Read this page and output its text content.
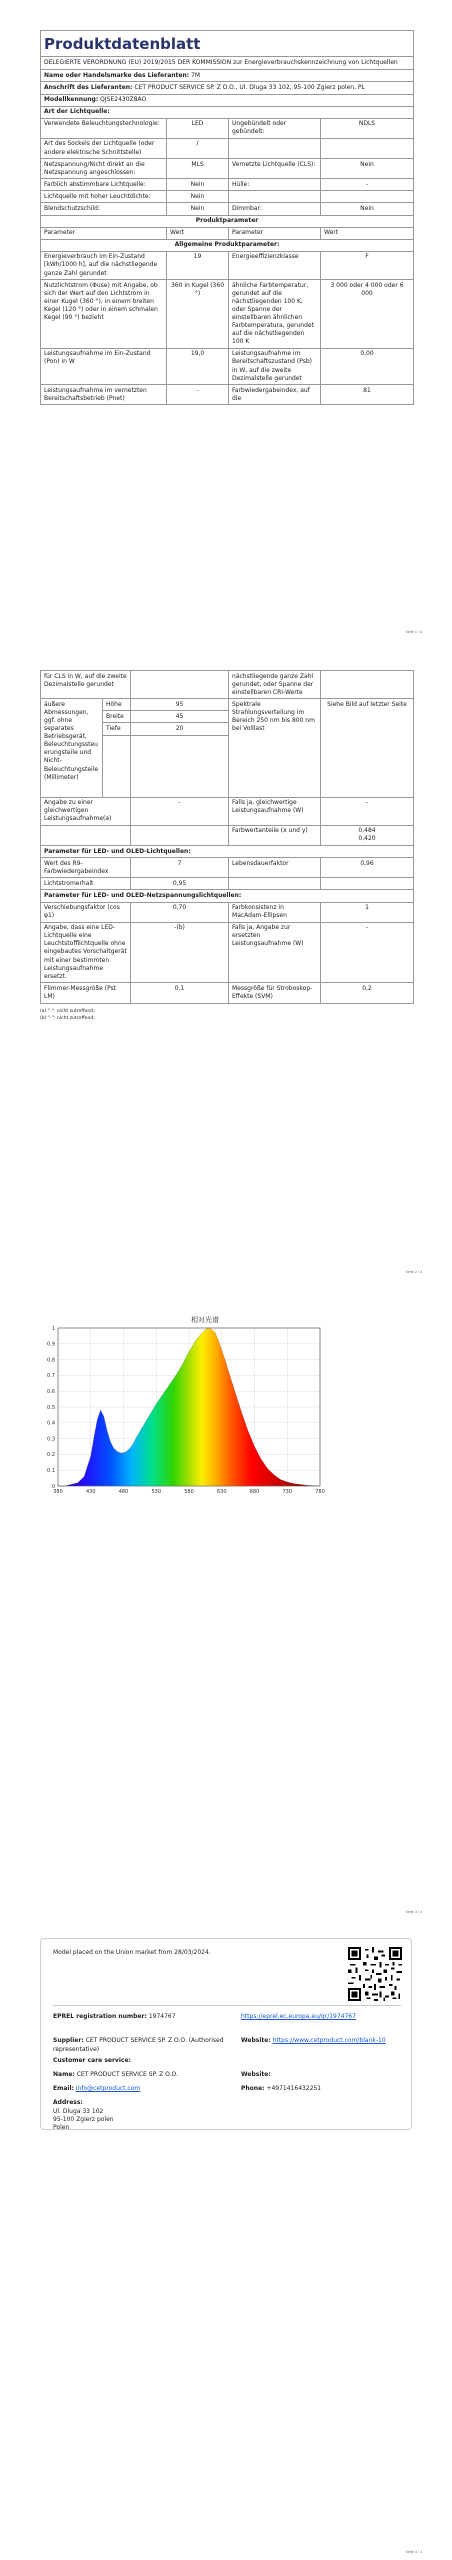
Produktdatenblatt
DELEGIERTE VERORDNUNG (EU) 2019/2015 DER KOMMISSION zur Energieverbrauchskennzeichnung von Lichtquellen			

Name oder Handelsmarke des Lieferanten: 7M			
Anschrift des Lieferanten: CET PRODUCT SERVICE SP. Z O.O., Ul. Dluga 33 102, 95-100 Zgierz polen, PL			
Modellkennung: QJSE2430Z8AO			
Art der Lichtquelle:			
Verwendete Beleuchtungstechnologie:	LED	Ungebündelt oder gebündelt:	NDLS
Art des Sockels der Lichtquelle (oder andere elektrische Schnittstelle)	/		
Netzspannung/Nicht direkt an die Netzspannung angeschlossen:	MLS	Vernetzte Lichtquelle (CLS):	Nein
Farblich abstimmbare Lichtquelle:	Nein	Hülle:	-
Lichtquelle mit hoher Leuchtdichte:	Nein		
Blendschutzschild:	Nein	Dimmbar:	Nein
Produktparameter			
Parameter	Wert	Parameter	Wert
Allgemeine Produktparameter:			
Energieverbrauch im Ein-Zustand [kWh/1000 h], auf die nächstliegende ganze Zahl gerundet	19	Energieeffizienzklasse	F
Nutzlichtstrom (Φuse) mit Angabe, ob sich der Wert auf den Lichtstrom in einer Kugel (360 °), in einem breiten Kegel (120 °) oder in einem schmalen Kegel (90 °) bezieht	360 in Kugel (360 °)	ähnliche Farbtemperatur, gerundet auf die nächstliegenden 100 K, oder Spanne der einstellbaren ähnlichen Farbtemperatura, gerundet auf die nächstliegenden 100 K	3 000 oder 4 000 oder 6 000
Leistungsaufnahme im Ein-Zustand (Pon) in W	19,0	Leistungsaufnahme im Bereitschaftszustand (Psb) in W, auf die zweite Dezimalstelle gerundet	0,00
Leistungsaufnahme im vernetzten Bereitschaftsbetrieb (Pnet)	-	Farbwiedergabeindex, auf die	81
Seite 1 / 4
für CLS in W, auf die zweite Dezimalstelle gerundet			nächstliegende ganze Zahl gerundet, oder Spanne der einstellbaren CRI-Werte	
äußere Abmessungen, ggf. ohne separates Betriebsgerät, Beleuchtungssteuerungsteile und Nicht-Beleuchtungsteile (Millimeter)	Höhe	95	Spektrale Strahlungsverteilung im Bereich 250 nm bis 800 nm bei Volllast	Siehe Bild auf letzter Seite
	Breite	45		
	Tiefe	20		

Angabe zu einer gleichwertigen Leistungsaufnahme(a)		-	Falls ja, gleichwertige Leistungsaufnahme (W)	-
			Farbwertanteile (x und y)	0,484
0,420

Parameter für LED- und OLED-Lichtquellen:				
Wert des R9-Farbwiedergabeindex		7	Lebensdauerfaktor	0,96
Lichtstromerhalt		0,95		
Parameter für LED- und OLED-Netzspannungslichtquellen:				
Verschiebungsfaktor (cos φ1)		0,70	Farbkonsistenz in MacAdam-Ellipsen	1
Angabe, dass eine LED-Lichtquelle eine Leuchtstofflichtquelle ohne eingebautes Vorschaltgerät mit einer bestimmten Leistungsaufnahme ersetzt.		-(b)	Falls ja, Angabe zur ersetzten Leistungsaufnahme (W)	-
Flimmer-Messgröße (Pst LM)		0,1	Messgröße für Stroboskop-Effekte (SVM)	0,2
(a) "-": nicht zutreffend;
(b) "-": nicht zutreffend;
Seite 2 / 4
0
0.1
0.2
0.3
0.4
0.5
0.6
0.7
0.8
0.9
1
380	430	480	530	580	630	680	730	780
相对光谱
Seite 3 / 4
Model placed on the Union market from 28/03/2024.
EPREL registration number: 1974767	https://eprel.ec.europa.eu/qr/1974767
Supplier: CET PRODUCT SERVICE SP. Z O.O. (Authorised representative)
Website: https://www.cetproduct.com/blank-10
Customer care service:
Name: CET PRODUCT SERVICE SP. Z O.O.	Website:
Email: info@cetproduct.com	Phone: +4971416432251
Address:
Ul. Dluga 33 102
95-100 Zgierz polen
Polen
Seite 4 / 4
